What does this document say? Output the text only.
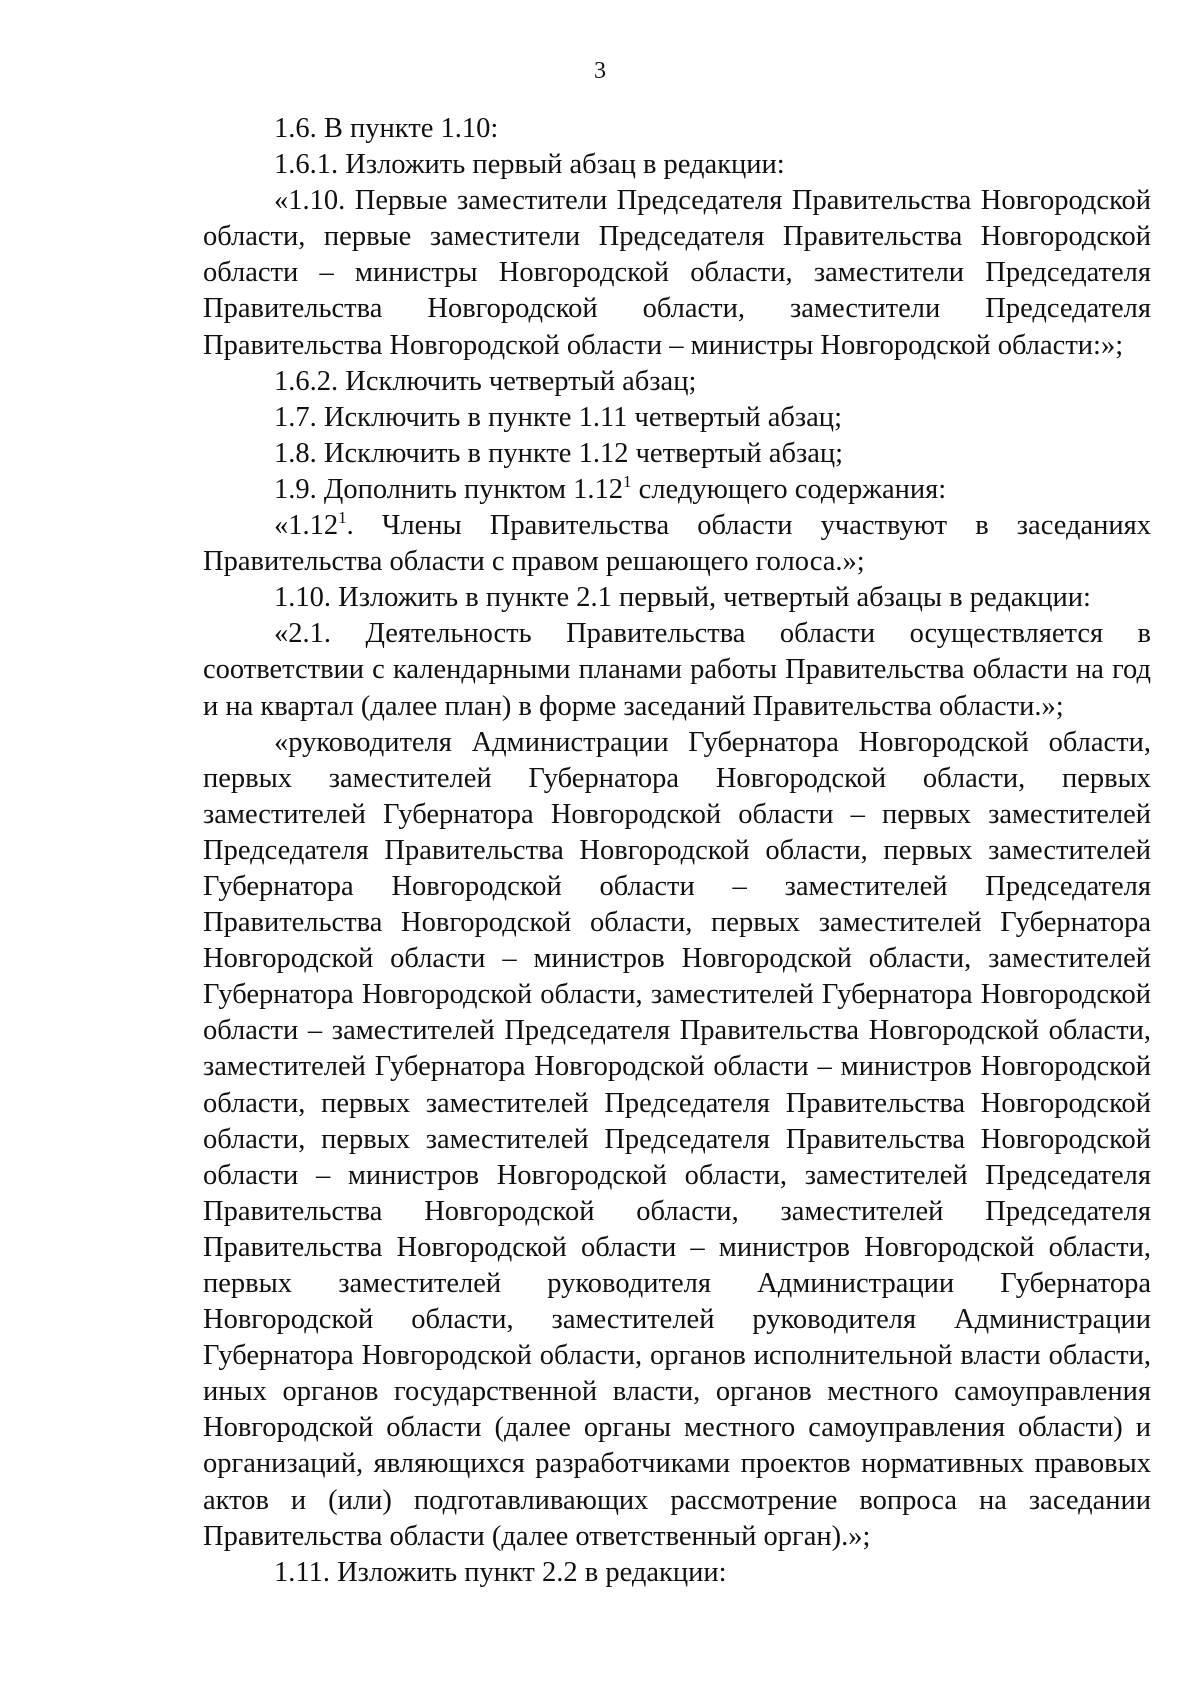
3

1.6. В пункте 1.10:

1.6.1. Изложить первый абзац в редакции:

«1.10. Первые заместители Председателя Правительства Новгородской области, первые заместители Председателя Правительства Новгородской области – министры Новгородской области, заместители Председателя Правительства Новгородской области, заместители Председателя Правительства Новгородской области – министры Новгородской области:»;

1.6.2. Исключить четвертый абзац;

1.7. Исключить в пункте 1.11 четвертый абзац;

1.8. Исключить в пункте 1.12 четвертый абзац;

1.9. Дополнить пунктом 1.12$^1$ следующего содержания:

«1.12$^1$. Члены Правительства области участвуют в заседаниях Правительства области с правом решающего голоса.»;

1.10. Изложить в пункте 2.1 первый, четвертый абзацы в редакции:

«2.1. Деятельность Правительства области осуществляется в соответствии с календарными планами работы Правительства области на год и на квартал (далее план) в форме заседаний Правительства области.»;

«руководителя Администрации Губернатора Новгородской области, первых заместителей Губернатора Новгородской области, первых заместителей Губернатора Новгородской области – первых заместителей Председателя Правительства Новгородской области, первых заместителей Губернатора Новгородской области – заместителей Председателя Правительства Новгородской области, первых заместителей Губернатора Новгородской области – министров Новгородской области, заместителей Губернатора Новгородской области, заместителей Губернатора Новгородской области – заместителей Председателя Правительства Новгородской области, заместителей Губернатора Новгородской области – министров Новгородской области, первых заместителей Председателя Правительства Новгородской области, первых заместителей Председателя Правительства Новгородской области – министров Новгородской области, заместителей Председателя Правительства Новгородской области, заместителей Председателя Правительства Новгородской области – министров Новгородской области, первых заместителей руководителя Администрации Губернатора Новгородской области, заместителей руководителя Администрации Губернатора Новгородской области, органов исполнительной власти области, иных органов государственной власти, органов местного самоуправления Новгородской области (далее органы местного самоуправления области) и организаций, являющихся разработчиками проектов нормативных правовых актов и (или) подготавливающих рассмотрение вопроса на заседании Правительства области (далее ответственный орган).»;

1.11. Изложить пункт 2.2 в редакции:
